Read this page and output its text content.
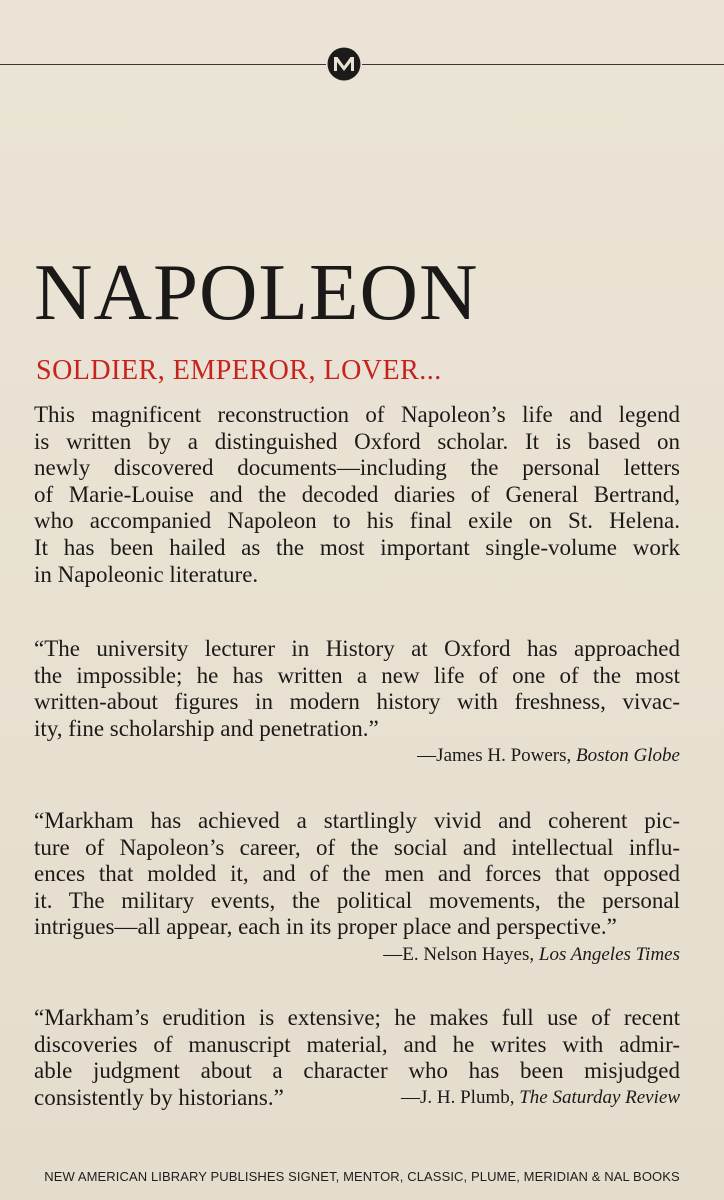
NAPOLEON

SOLDIER, EMPEROR, LOVER...

This magnificent reconstruction of Napoleon’s life and legend
is written by a distinguished Oxford scholar. It is based on
newly discovered documents—including the personal letters
of Marie-Louise and the decoded diaries of General Bertrand,
who accompanied Napoleon to his final exile on St. Helena.
It has been hailed as the most important single-volume work
in Napoleonic literature.

“The university lecturer in History at Oxford has approached
the impossible; he has written a new life of one of the most
written-about figures in modern history with freshness, vivac-
ity, fine scholarship and penetration.”
—James H. Powers, Boston Globe
“Markham has achieved a startlingly vivid and coherent pic-
ture of Napoleon’s career, of the social and intellectual influ-
ences that molded it, and of the men and forces that opposed
it. The military events, the political movements, the personal
intrigues—all appear, each in its proper place and perspective.”
—E. Nelson Hayes, Los Angeles Times
“Markham’s erudition is extensive; he makes full use of recent
discoveries of manuscript material, and he writes with admir-
able judgment about a character who has been misjudged
consistently by historians.”	—J. H. Plumb, The Saturday Review
NEW AMERICAN LIBRARY PUBLISHES SIGNET, MENTOR, CLASSIC, PLUME, MERIDIAN & NAL BOOKS
